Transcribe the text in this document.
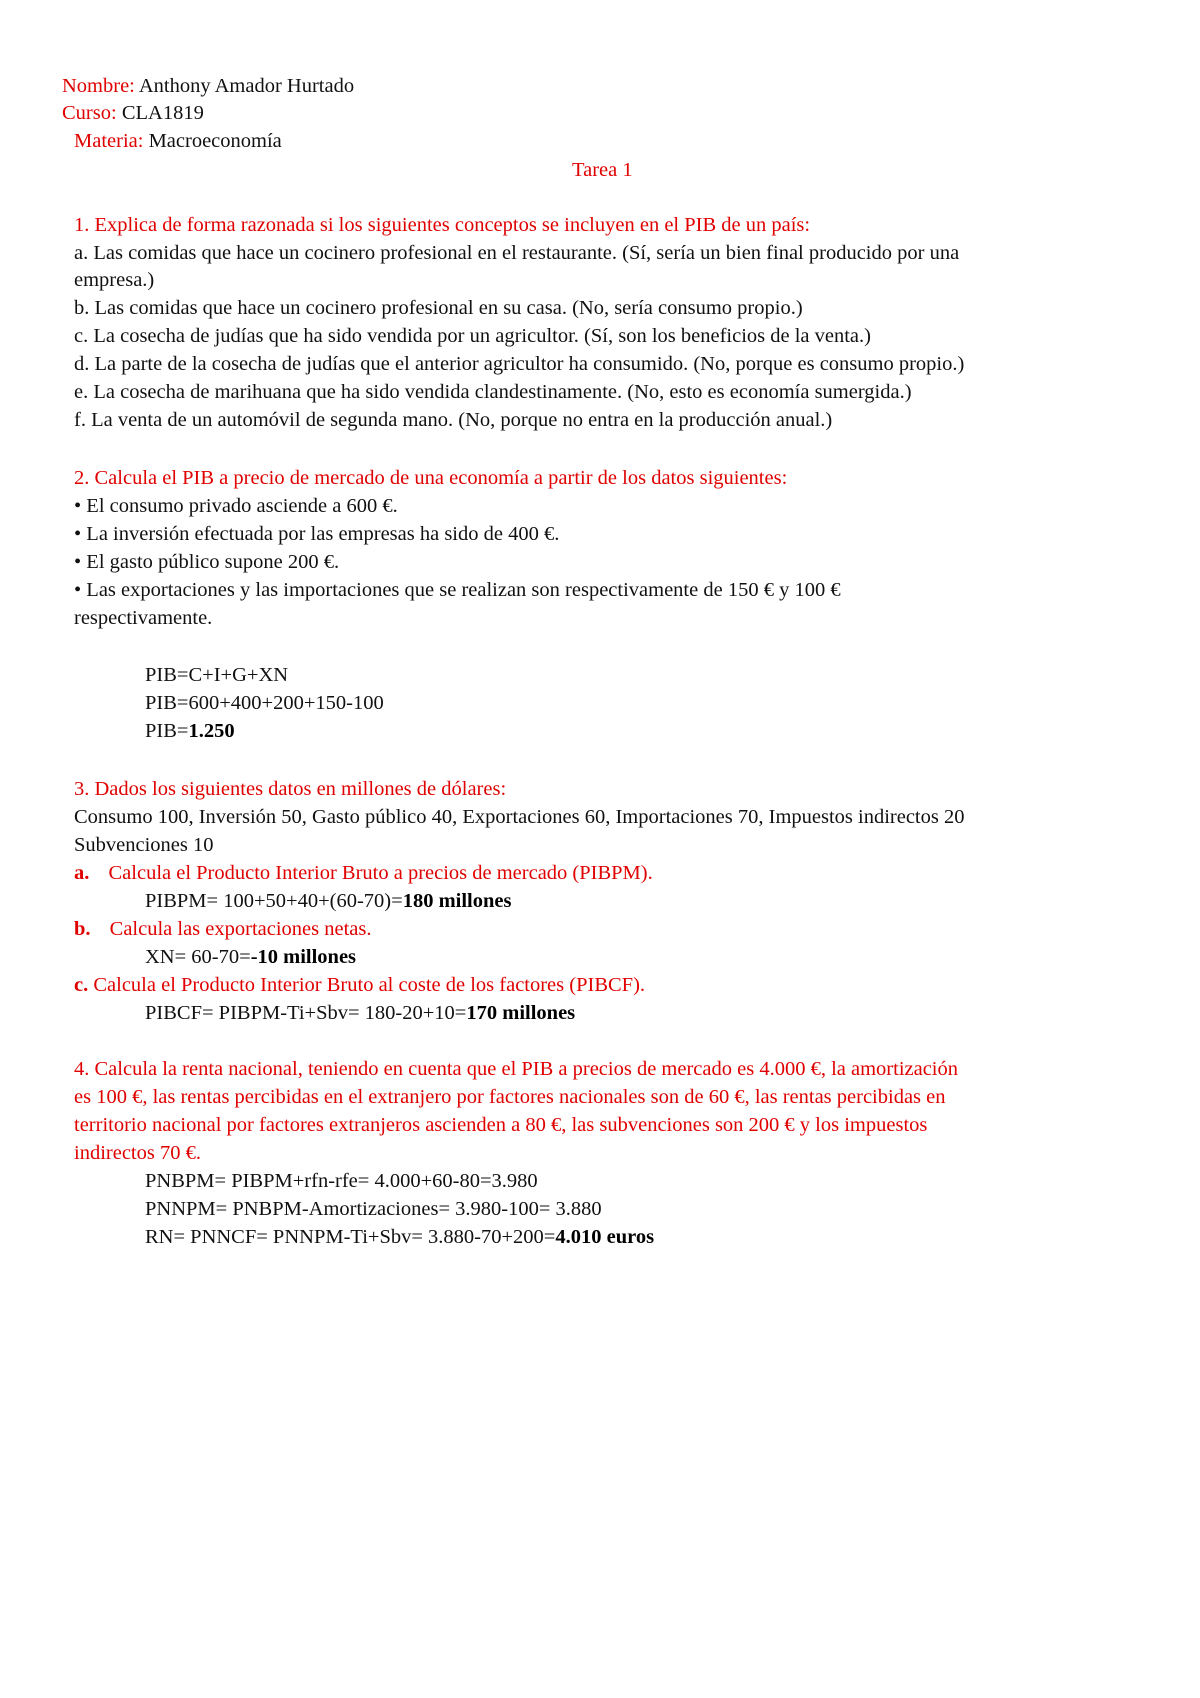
Nombre: Anthony Amador Hurtado
Curso: CLA1819
Materia: Macroeconomía
Tarea 1
1. Explica de forma razonada si los siguientes conceptos se incluyen en el PIB de un país:
a. Las comidas que hace un cocinero profesional en el restaurante. (Sí, sería un bien final producido por una
empresa.)
b. Las comidas que hace un cocinero profesional en su casa. (No, sería consumo propio.)
c. La cosecha de judías que ha sido vendida por un agricultor. (Sí, son los beneficios de la venta.)
d. La parte de la cosecha de judías que el anterior agricultor ha consumido. (No, porque es consumo propio.)
e. La cosecha de marihuana que ha sido vendida clandestinamente. (No, esto es economía sumergida.)
f. La venta de un automóvil de segunda mano. (No, porque no entra en la producción anual.)
2. Calcula el PIB a precio de mercado de una economía a partir de los datos siguientes:
• El consumo privado asciende a 600 €.
• La inversión efectuada por las empresas ha sido de 400 €.
• El gasto público supone 200 €.
• Las exportaciones y las importaciones que se realizan son respectivamente de 150 € y 100 €
respectivamente.
PIB=C+I+G+XN
PIB=600+400+200+150-100
PIB=1.250
3. Dados los siguientes datos en millones de dólares:
Consumo 100, Inversión 50, Gasto público 40, Exportaciones 60, Importaciones 70, Impuestos indirectos 20
Subvenciones 10
a. Calcula el Producto Interior Bruto a precios de mercado (PIBPM).
PIBPM= 100+50+40+(60-70)=180 millones
b. Calcula las exportaciones netas.
XN= 60-70=-10 millones
c. Calcula el Producto Interior Bruto al coste de los factores (PIBCF).
PIBCF= PIBPM-Ti+Sbv= 180-20+10=170 millones
4. Calcula la renta nacional, teniendo en cuenta que el PIB a precios de mercado es 4.000 €, la amortización
es 100 €, las rentas percibidas en el extranjero por factores nacionales son de 60 €, las rentas percibidas en
territorio nacional por factores extranjeros ascienden a 80 €, las subvenciones son 200 € y los impuestos
indirectos 70 €.
PNBPM= PIBPM+rfn-rfe= 4.000+60-80=3.980
PNNPM= PNBPM-Amortizaciones= 3.980-100= 3.880
RN= PNNCF= PNNPM-Ti+Sbv= 3.880-70+200=4.010 euros
